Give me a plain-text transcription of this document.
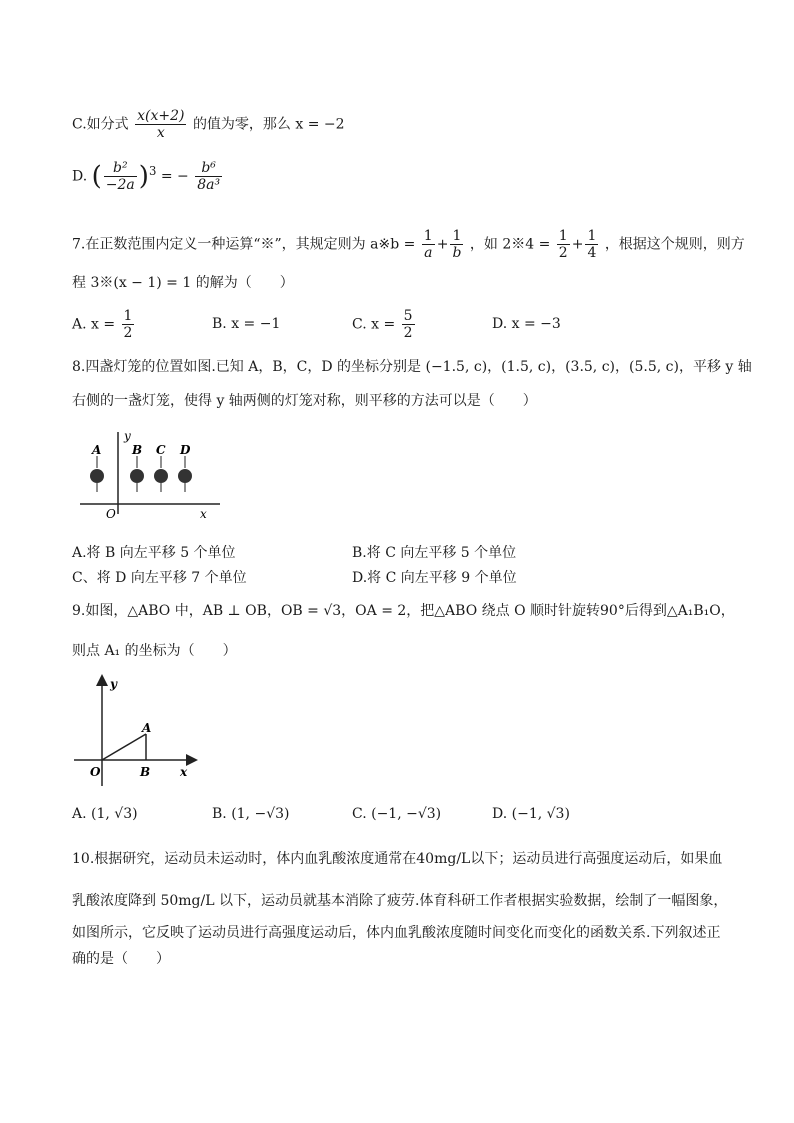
C.如分式 $\frac{x(x+2)}{x}$ 的值为零，那么 x = −2
D. ( $\frac{\text{b²}}{-2a} )^3$ = − $\frac{\text{b⁶}}{\text{8a³}}$
7.在正数范围内定义一种运算“※”，其规定则为 a※b = $\frac{1}{a} + \frac{1}{b}$ ，如 2※4 = $\frac{1}{2} + \frac{1}{4}$ ，根据这个规则，则方
程 3※(x − 1) = 1 的解为（　　）
A. $x = \frac{1}{2}$	B. x = −1	C. $x = \frac{5}{2}$	D. x = −3
8.四盏灯笼的位置如图.已知 A，B，C，D 的坐标分别是 (−1.5, c)，(1.5, c)，(3.5, c)，(5.5, c)，平移 y 轴
右侧的一盏灯笼，使得 y 轴两侧的灯笼对称，则平移的方法可以是（　　）
y
x
O
A	B C D
A.将 B 向左平移 5 个单位	B.将 C 向左平移 5 个单位
C、将 D 向左平移 7 个单位	D.将 C 向左平移 9 个单位
9.如图，△ABO 中，AB ⊥ OB，OB = √3，OA = 2，把△ABO 绕点 O 顺时针旋转90°后得到△A₁B₁O，
则点 A₁ 的坐标为（　　）
y
x
O
A
B
A. (1, √3)	B. (1, −√3)	C. (−1, −√3)	D. (−1, √3)
10.根据研究，运动员未运动时，体内血乳酸浓度通常在40mg/L以下；运动员进行高强度运动后，如果血
乳酸浓度降到 50mg/L 以下，运动员就基本消除了疲劳.体育科研工作者根据实验数据，绘制了一幅图象，
如图所示，它反映了运动员进行高强度运动后，体内血乳酸浓度随时间变化而变化的函数关系.下列叙述正
确的是（　　）
